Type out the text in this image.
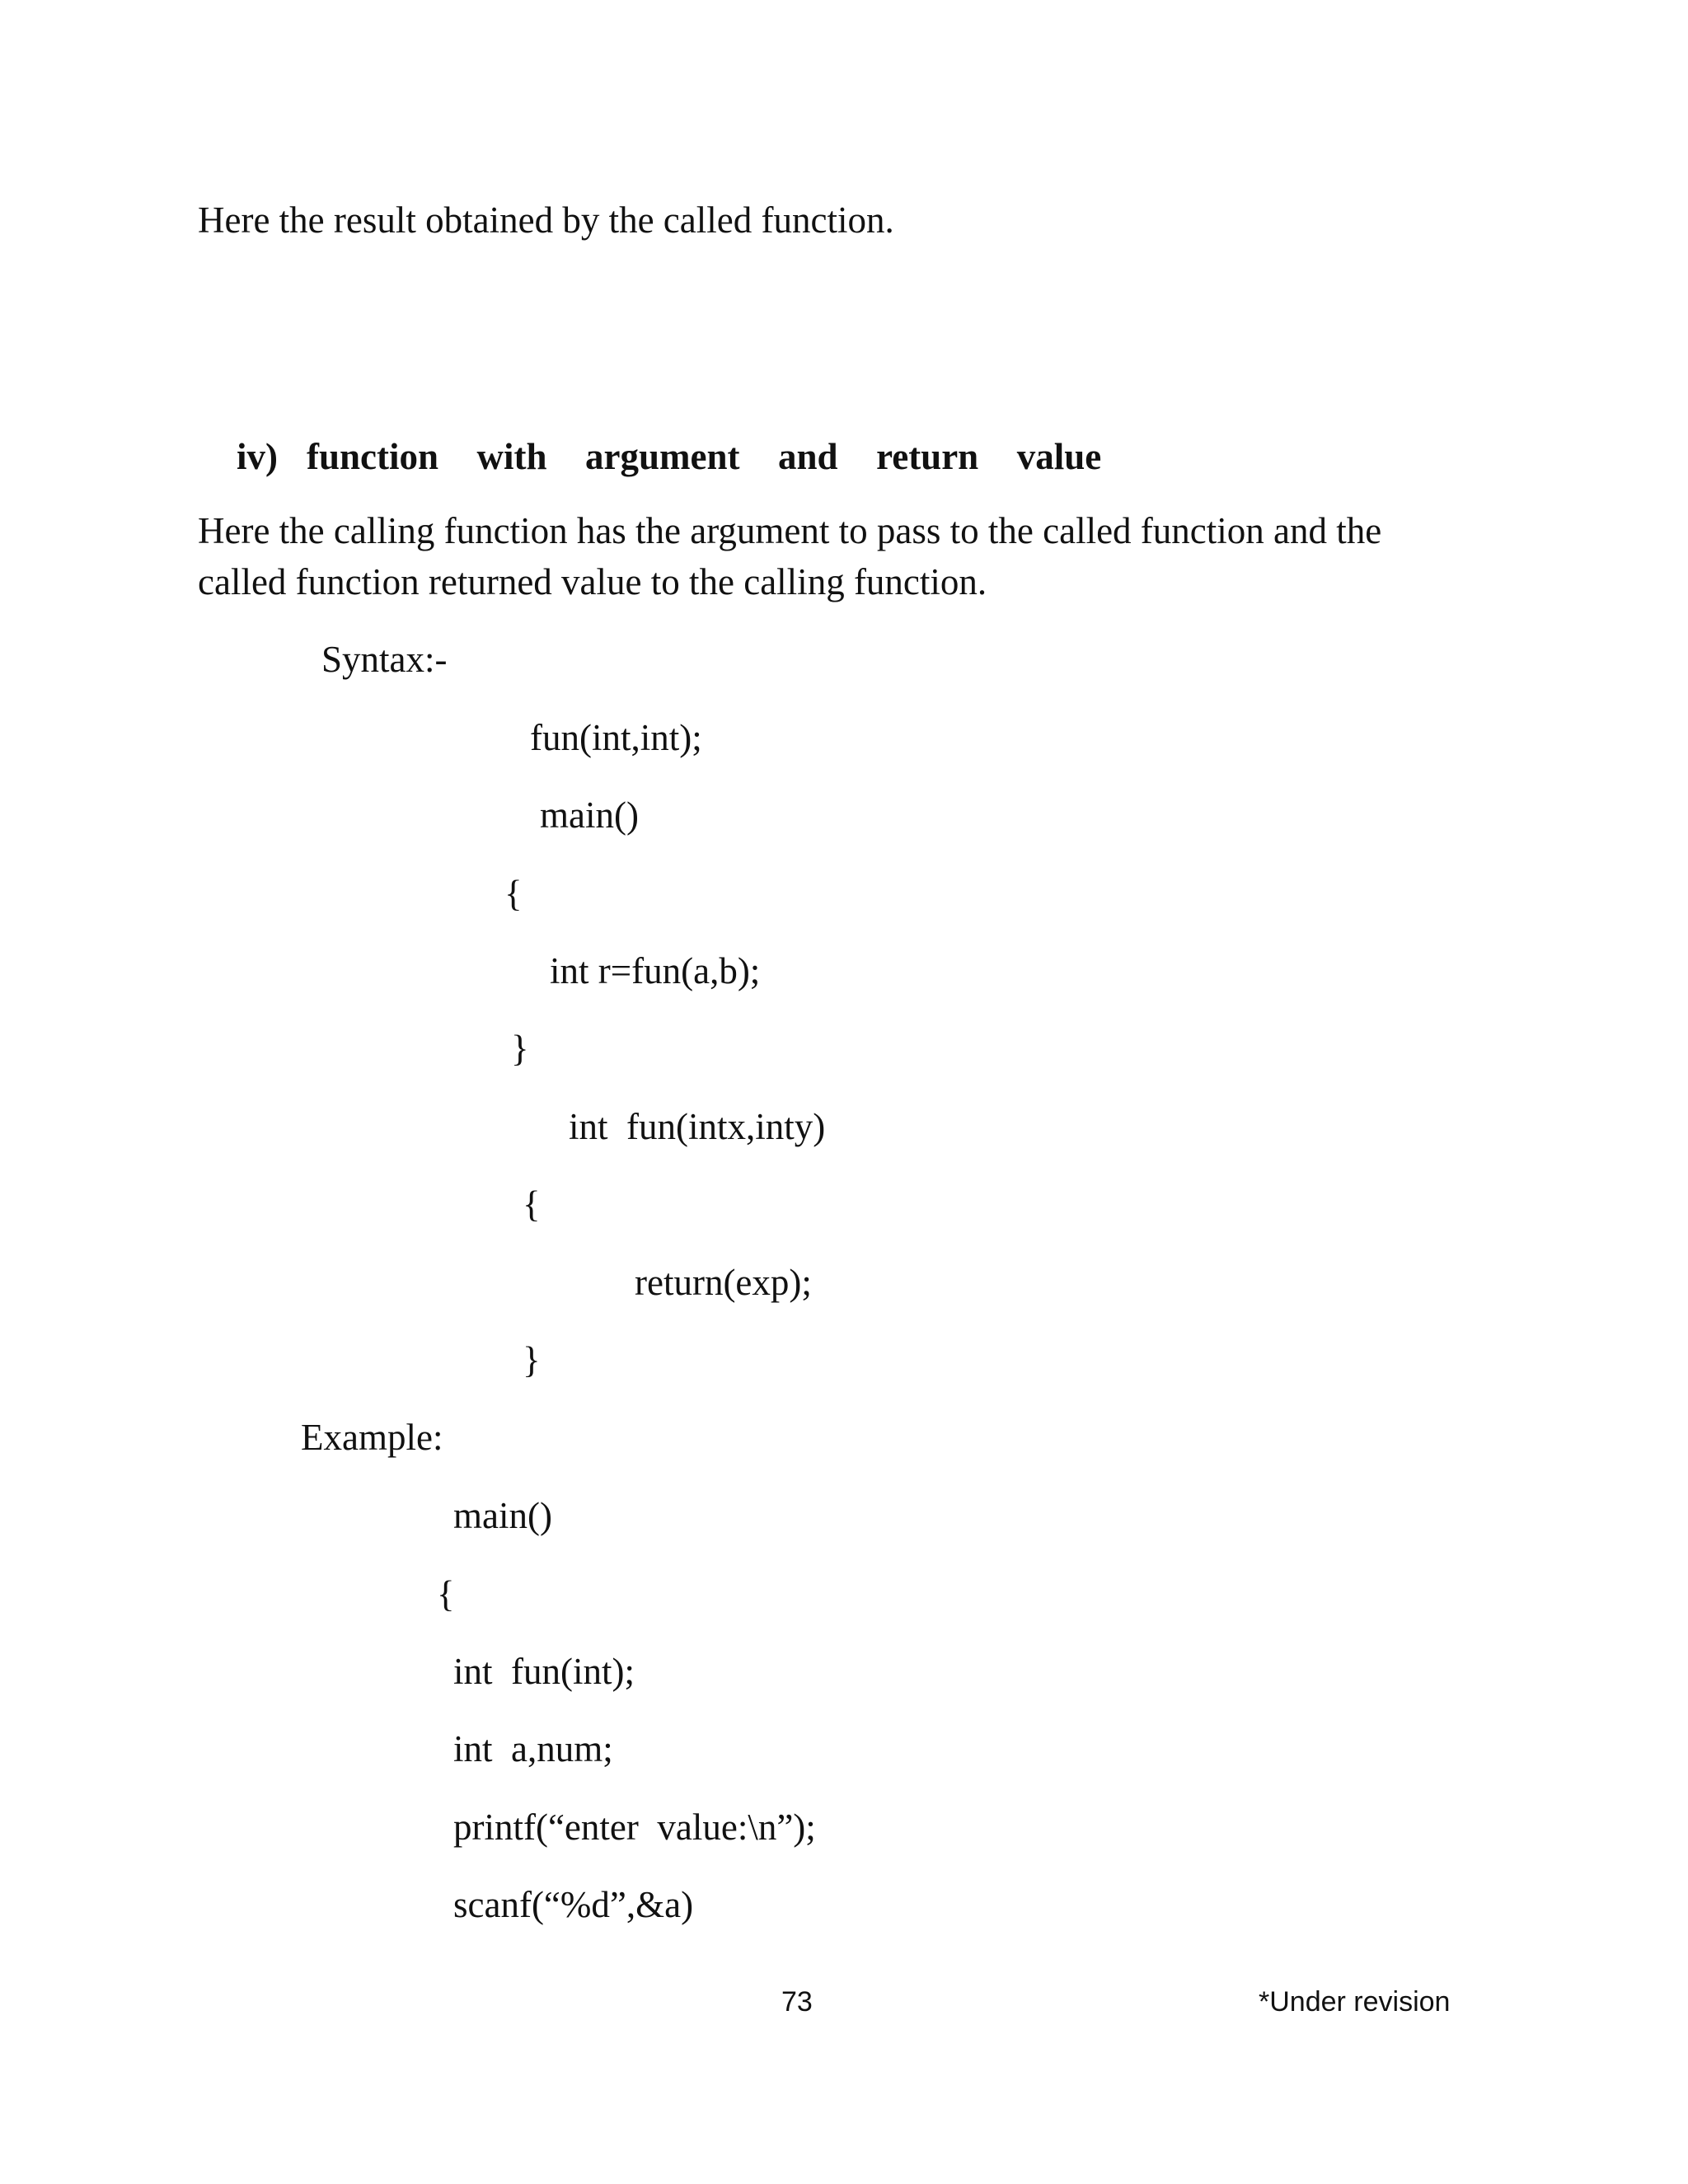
Here the result obtained by the called function.
iv) function  with  argument  and  return  value
Here the calling function has the argument to pass to the called function and the
called function returned value to the calling function.
Syntax:-
fun(int,int);
main()
{
int r=fun(a,b);
}
int  fun(intx,inty)
{
return(exp);
}
Example:
main()
{
int  fun(int);
int  a,num;
printf(“enter  value:\n”);
scanf(“%d”,&a)
73	*Under revision
